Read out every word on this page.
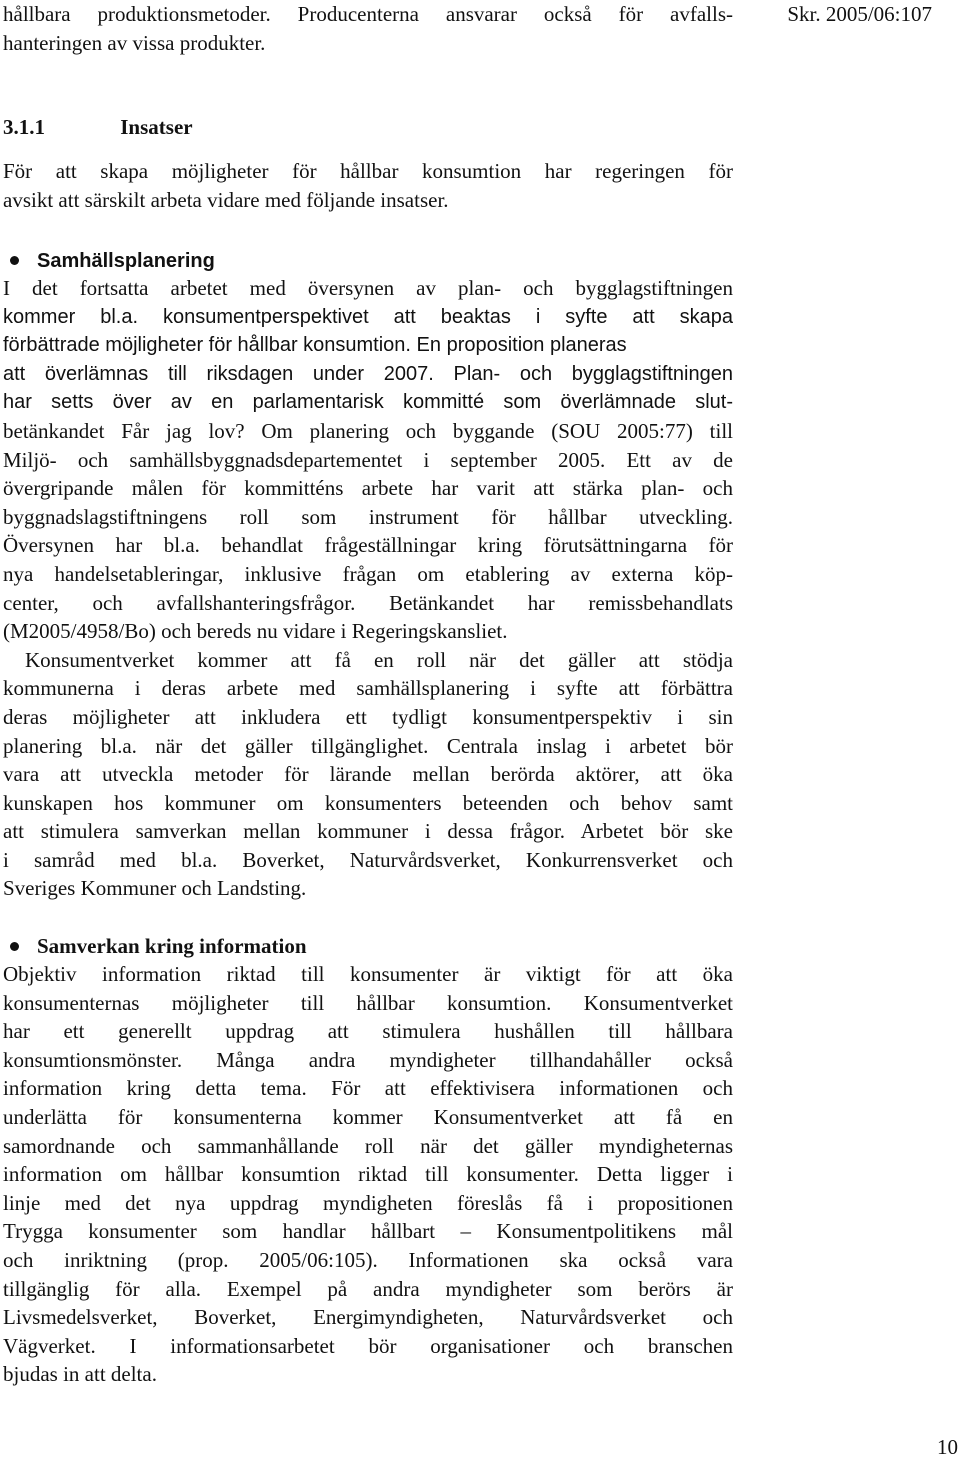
hållbara produktionsmetoder. Producenterna ansvarar också för avfalls-
hanteringen av vissa produkter.
Skr. 2005/06:107
3.1.1	Insatser
För att skapa möjligheter för hållbar konsumtion har regeringen för
avsikt att särskilt arbeta vidare med följande insatser.
Samhällsplanering
I det fortsatta arbetet med översynen av plan- och bygglagstiftningen
kommer bl.a. konsumentperspektivet att beaktas i syfte att skapa
förbättrade möjligheter för hållbar konsumtion. En proposition planeras
att överlämnas till riksdagen under 2007. Plan- och bygglagstiftningen
har setts över av en parlamentarisk kommitté som överlämnade slut-
betänkandet Får jag lov? Om planering och byggande (SOU 2005:77) till
Miljö- och samhällsbyggnadsdepartementet i september 2005. Ett av de
övergripande målen för kommitténs arbete har varit att stärka plan- och
byggnadslagstiftningens roll som instrument för hållbar utveckling.
Översynen har bl.a. behandlat frågeställningar kring förutsättningarna för
nya handelsetableringar, inklusive frågan om etablering av externa köp-
center, och avfallshanteringsfrågor. Betänkandet har remissbehandlats
(M2005/4958/Bo) och bereds nu vidare i Regeringskansliet.
Konsumentverket kommer att få en roll när det gäller att stödja
kommunerna i deras arbete med samhällsplanering i syfte att förbättra
deras möjligheter att inkludera ett tydligt konsumentperspektiv i sin
planering bl.a. när det gäller tillgänglighet. Centrala inslag i arbetet bör
vara att utveckla metoder för lärande mellan berörda aktörer, att öka
kunskapen hos kommuner om konsumenters beteenden och behov samt
att stimulera samverkan mellan kommuner i dessa frågor. Arbetet bör ske
i samråd med bl.a. Boverket, Naturvårdsverket, Konkurrensverket och
Sveriges Kommuner och Landsting.
Samverkan kring information
Objektiv information riktad till konsumenter är viktigt för att öka
konsumenternas möjligheter till hållbar konsumtion. Konsumentverket
har ett generellt uppdrag att stimulera hushållen till hållbara
konsumtionsmönster. Många andra myndigheter tillhandahåller också
information kring detta tema. För att effektivisera informationen och
underlätta för konsumenterna kommer Konsumentverket att få en
samordnande och sammanhållande roll när det gäller myndigheternas
information om hållbar konsumtion riktad till konsumenter. Detta ligger i
linje med det nya uppdrag myndigheten föreslås få i propositionen
Trygga konsumenter som handlar hållbart – Konsumentpolitikens mål
och inriktning (prop. 2005/06:105). Informationen ska också vara
tillgänglig för alla. Exempel på andra myndigheter som berörs är
Livsmedelsverket, Boverket, Energimyndigheten, Naturvårdsverket och
Vägverket. I informationsarbetet bör organisationer och branschen
bjudas in att delta.
10
